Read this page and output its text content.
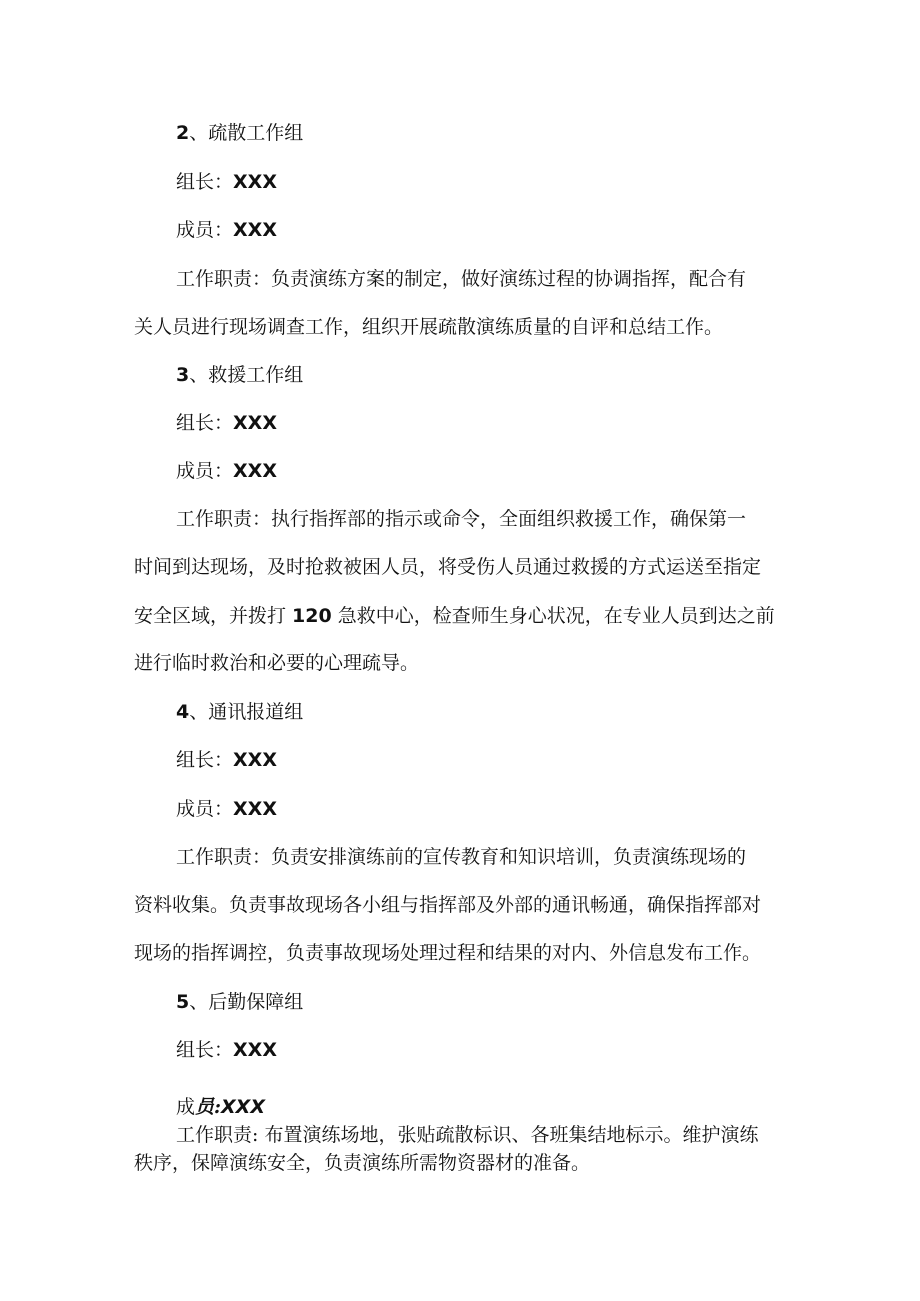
2、疏散工作组
组长：XXX
成员：XXX
工作职责：负责演练方案的制定，做好演练过程的协调指挥，配合有
关人员进行现场调查工作，组织开展疏散演练质量的自评和总结工作。
3、救援工作组
组长：XXX
成员：XXX
工作职责：执行指挥部的指示或命令，全面组织救援工作，确保第一
时间到达现场，及时抢救被困人员，将受伤人员通过救援的方式运送至指定
安全区域，并拨打 120 急救中心，检查师生身心状况，在专业人员到达之前
进行临时救治和必要的心理疏导。
4、通讯报道组
组长：XXX
成员：XXX
工作职责：负责安排演练前的宣传教育和知识培训，负责演练现场的
资料收集。负责事故现场各小组与指挥部及外部的通讯畅通，确保指挥部对
现场的指挥调控，负责事故现场处理过程和结果的对内、外信息发布工作。
5、后勤保障组
组长：XXX
成员:XXX
工作职责: 布置演练场地，张贴疏散标识、各班集结地标示。维护演练
秩序，保障演练安全，负责演练所需物资器材的准备。
